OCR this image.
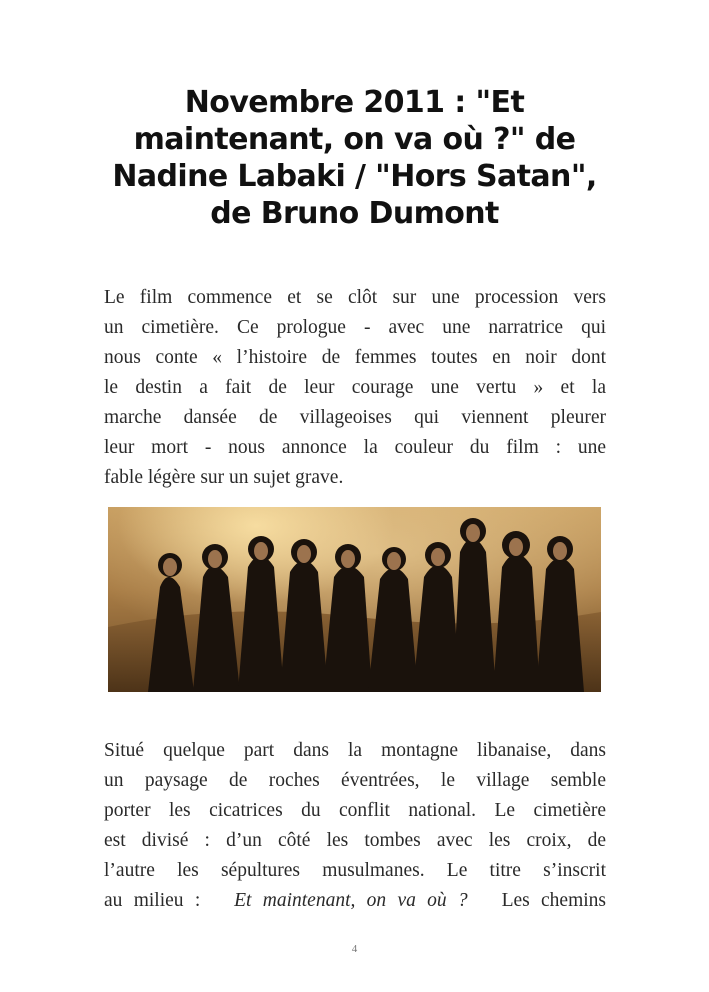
Novembre 2011 : "Et
maintenant, on va où ?" de
Nadine Labaki / "Hors Satan",
de Bruno Dumont

Le film commence et se clôt sur une procession vers
un cimetière. Ce prologue - avec une narratrice qui
nous conte « l’histoire de femmes toutes en noir dont
le destin a fait de leur courage une vertu » et la
marche dansée de villageoises qui viennent pleurer
leur mort - nous annonce la couleur du film : une
fable légère sur un sujet grave.

Situé quelque part dans la montagne libanaise, dans
un paysage de roches éventrées, le village semble
porter les cicatrices du conflit national. Le cimetière
est divisé : d’un côté les tombes avec les croix, de
l’autre les sépultures musulmanes. Le titre s’inscrit
au milieu : Et maintenant, on va où ? Les chemins

4
